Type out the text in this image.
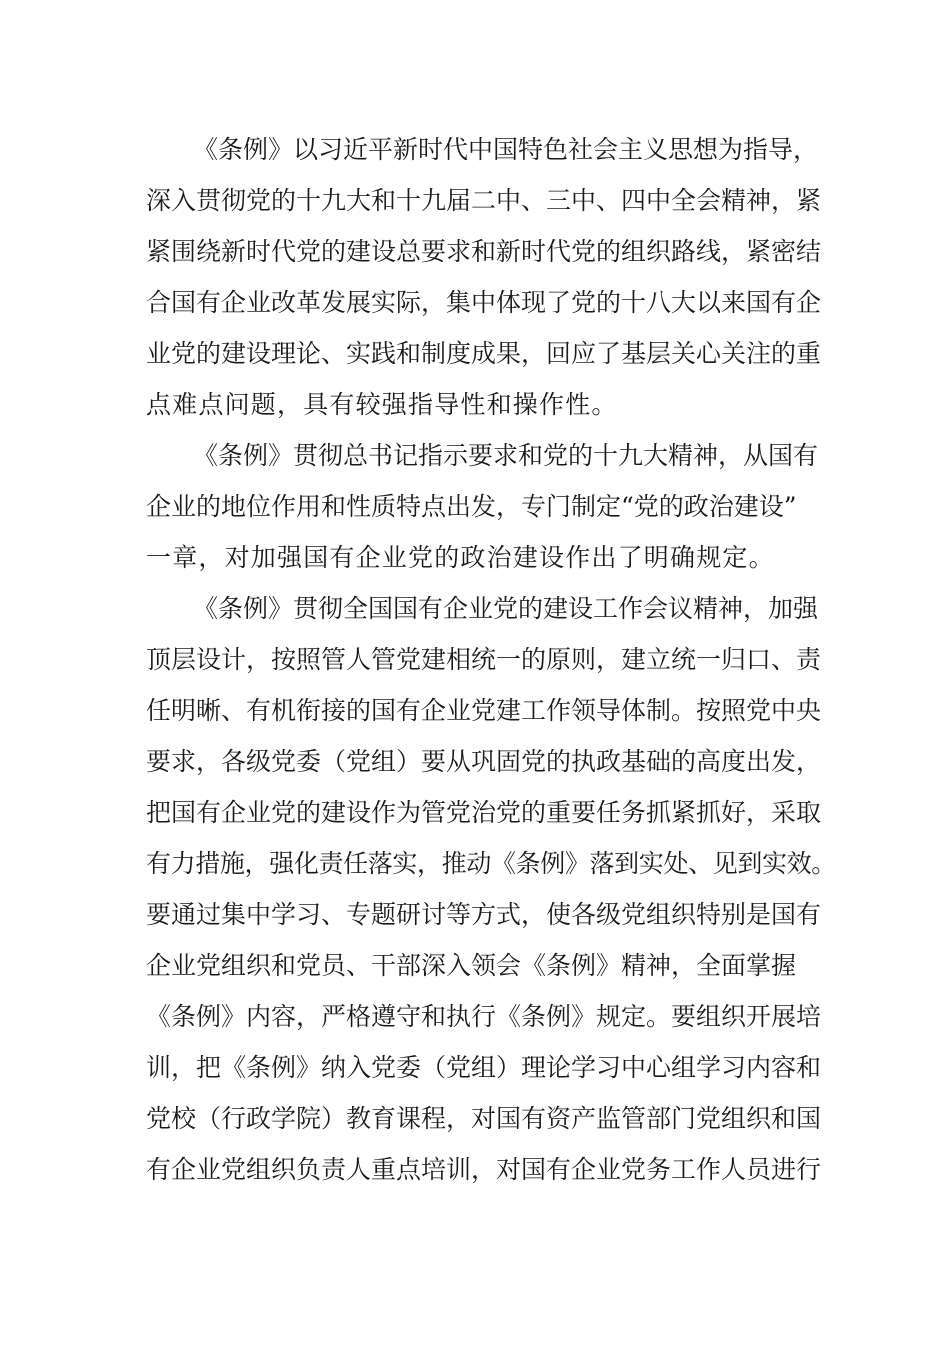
《条例》以习近平新时代中国特色社会主义思想为指导，

深入贯彻党的十九大和十九届二中、三中、四中全会精神，紧

紧围绕新时代党的建设总要求和新时代党的组织路线，紧密结

合国有企业改革发展实际，集中体现了党的十八大以来国有企

业党的建设理论、实践和制度成果，回应了基层关心关注的重

点难点问题，具有较强指导性和操作性。

《条例》贯彻总书记指示要求和党的十九大精神，从国有

企业的地位作用和性质特点出发，专门制定“党的政治建设”

一章，对加强国有企业党的政治建设作出了明确规定。

《条例》贯彻全国国有企业党的建设工作会议精神，加强

顶层设计，按照管人管党建相统一的原则，建立统一归口、责

任明晰、有机衔接的国有企业党建工作领导体制。按照党中央

要求，各级党委（党组）要从巩固党的执政基础的高度出发，

把国有企业党的建设作为管党治党的重要任务抓紧抓好，采取

有力措施，强化责任落实，推动《条例》落到实处、见到实效。

要通过集中学习、专题研讨等方式，使各级党组织特别是国有

企业党组织和党员、干部深入领会《条例》精神，全面掌握

《条例》内容，严格遵守和执行《条例》规定。要组织开展培

训，把《条例》纳入党委（党组）理论学习中心组学习内容和

党校（行政学院）教育课程，对国有资产监管部门党组织和国

有企业党组织负责人重点培训，对国有企业党务工作人员进行
